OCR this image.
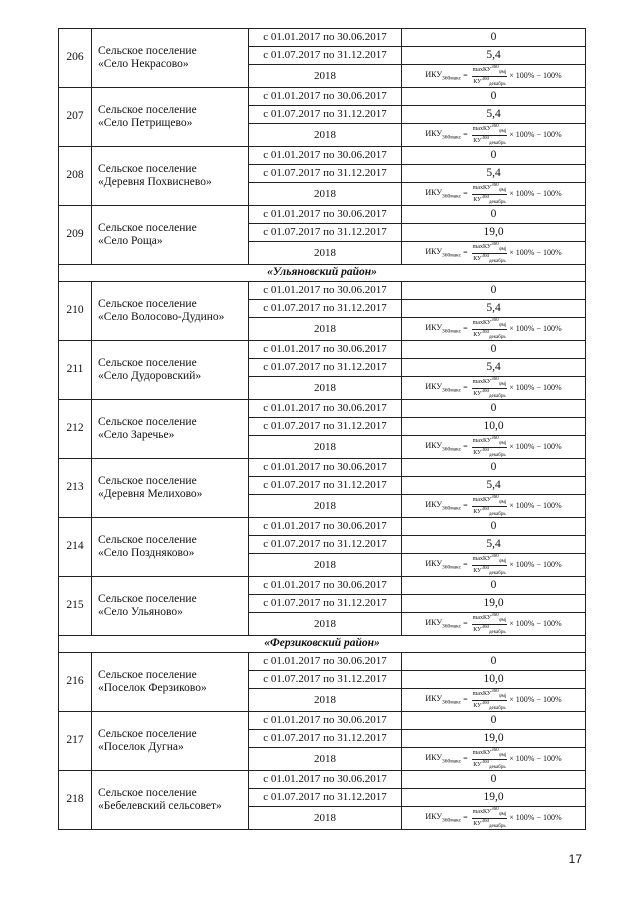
206	Сельское поселение
«Село Некрасово»	с 01.01.2017 по 30.06.2017	0
		с 01.07.2017 по 31.12.2017	5,4
		2018	$ИКУ^{360}_{макс} = \frac{\max КУ^{360}_{\psi мj}}{КУ^{360}_{декабрь}} \times 100\% - 100\%$

207	Сельское поселение
«Село Петрищево»	с 01.01.2017 по 30.06.2017	0
		с 01.07.2017 по 31.12.2017	5,4
		2018	$ИКУ^{360}_{макс} = \frac{\max КУ^{360}_{\psi мj}}{КУ^{360}_{декабрь}} \times 100\% - 100\%$

208	Сельское поселение
«Деревня Похвиснево»	с 01.01.2017 по 30.06.2017	0
		с 01.07.2017 по 31.12.2017	5,4
		2018	$ИКУ^{360}_{макс} = \frac{\max КУ^{360}_{\psi мj}}{КУ^{360}_{декабрь}} \times 100\% - 100\%$

209	Сельское поселение
«Село Роща»	с 01.01.2017 по 30.06.2017	0
		с 01.07.2017 по 31.12.2017	19,0
		2018	$ИКУ^{360}_{макс} = \frac{\max КУ^{360}_{\psi мj}}{КУ^{360}_{декабрь}} \times 100\% - 100\%$

«Ульяновский район»			
210	Сельское поселение
«Село Волосово-Дудино»	с 01.01.2017 по 30.06.2017	0
		с 01.07.2017 по 31.12.2017	5,4
		2018	$ИКУ^{360}_{макс} = \frac{\max КУ^{360}_{\psi мj}}{КУ^{360}_{декабрь}} \times 100\% - 100\%$

211	Сельское поселение
«Село Дудоровский»	с 01.01.2017 по 30.06.2017	0
		с 01.07.2017 по 31.12.2017	5,4
		2018	$ИКУ^{360}_{макс} = \frac{\max КУ^{360}_{\psi мj}}{КУ^{360}_{декабрь}} \times 100\% - 100\%$

212	Сельское поселение
«Село Заречье»	с 01.01.2017 по 30.06.2017	0
		с 01.07.2017 по 31.12.2017	10,0
		2018	$ИКУ^{360}_{макс} = \frac{\max КУ^{360}_{\psi мj}}{КУ^{360}_{декабрь}} \times 100\% - 100\%$

213	Сельское поселение
«Деревня Мелихово»	с 01.01.2017 по 30.06.2017	0
		с 01.07.2017 по 31.12.2017	5,4
		2018	$ИКУ^{360}_{макс} = \frac{\max КУ^{360}_{\psi мj}}{КУ^{360}_{декабрь}} \times 100\% - 100\%$

214	Сельское поселение
«Село Поздняково»	с 01.01.2017 по 30.06.2017	0
		с 01.07.2017 по 31.12.2017	5,4
		2018	$ИКУ^{360}_{макс} = \frac{\max КУ^{360}_{\psi мj}}{КУ^{360}_{декабрь}} \times 100\% - 100\%$

215	Сельское поселение
«Село Ульяново»	с 01.01.2017 по 30.06.2017	0
		с 01.07.2017 по 31.12.2017	19,0
		2018	$ИКУ^{360}_{макс} = \frac{\max КУ^{360}_{\psi мj}}{КУ^{360}_{декабрь}} \times 100\% - 100\%$

«Ферзиковский район»			
216	Сельское поселение
«Поселок Ферзиково»	с 01.01.2017 по 30.06.2017	0
		с 01.07.2017 по 31.12.2017	10,0
		2018	$ИКУ^{360}_{макс} = \frac{\max КУ^{360}_{\psi мj}}{КУ^{360}_{декабрь}} \times 100\% - 100\%$

217	Сельское поселение
«Поселок Дугна»	с 01.01.2017 по 30.06.2017	0
		с 01.07.2017 по 31.12.2017	19,0
		2018	$ИКУ^{360}_{макс} = \frac{\max КУ^{360}_{\psi мj}}{КУ^{360}_{декабрь}} \times 100\% - 100\%$

218	Сельское поселение
«Бебелевский сельсовет»	с 01.01.2017 по 30.06.2017	0
		с 01.07.2017 по 31.12.2017	19,0
		2018	$ИКУ^{360}_{макс} = \frac{\max КУ^{360}_{\psi мj}}{КУ^{360}_{декабрь}} \times 100\% - 100\%$
17
